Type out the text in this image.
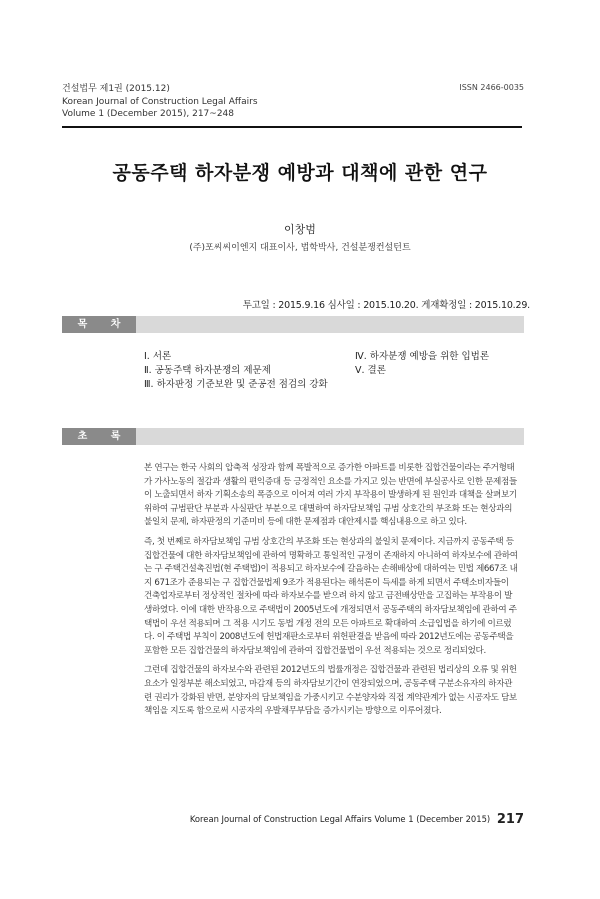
건설법무 제1권 (2015.12)
Korean Journal of Construction Legal Affairs
Volume 1 (December 2015), 217~248
ISSN 2466-0035
공동주택 하자분쟁 예방과 대책에 관한 연구
이창범
(주)포씨씨이엔지 대표이사, 법학박사, 건설분쟁컨설턴트
투고일 : 2015.9.16 심사일 : 2015.10.20. 게재확정일 : 2015.10.29.
목 차
Ⅰ. 서론
Ⅱ. 공동주택 하자분쟁의 제문제
Ⅲ. 하자판정 기준보완 및 준공전 점검의 강화
Ⅳ. 하자분쟁 예방을 위한 입법론
Ⅴ. 결론
초 록

본 연구는 한국 사회의 압축적 성장과 함께 폭발적으로 증가한 아파트를 비롯한 집합건물이라는 주거형태가 가사노동의 절감과 생활의 편익증대 등 긍정적인 요소를 가지고 있는 반면에 부실공사로 인한 문제점들이 노출되면서 하자 기획소송의 폭증으로 이어져 여러 가지 부작용이 발생하게 된 원인과 대책을 살펴보기 위하여 규범판단 부분과 사실판단 부분으로 대별하여 하자담보책임 규범 상호간의 부조화 또는 현상과의 불일치 문제, 하자판정의 기준미비 등에 대한 문제점과 대안제시를 핵심내용으로 하고 있다.

즉, 첫 번째로 하자담보책임 규범 상호간의 부조화 또는 현상과의 불일치 문제이다. 지금까지 공동주택 등 집합건물에 대한 하자담보책임에 관하여 명확하고 통일적인 규정이 존재하지 아니하여 하자보수에 관하여는 구 주택건설촉진법(현 주택법)이 적용되고 하자보수에 갈음하는 손해배상에 대하여는 민법 제667조 내지 671조가 준용되는 구 집합건물법제 9조가 적용된다는 해석론이 득세를 하게 되면서 주택소비자들이 건축업자로부터 정상적인 절차에 따라 하자보수를 받으려 하지 않고 금전배상만을 고집하는 부작용이 발생하였다. 이에 대한 반작용으로 주택법이 2005년도에 개정되면서 공동주택의 하자담보책임에 관하여 주택법이 우선 적용되며 그 적용 시기도 동법 개정 전의 모든 아파트로 확대하여 소급입법을 하기에 이르렀다. 이 주택법 부칙이 2008년도에 헌법재판소로부터 위헌판결을 받음에 따라 2012년도에는 공동주택을 포함한 모든 집합건물의 하자담보책임에 관하여 집합건물법이 우선 적용되는 것으로 정리되었다.

그런데 집합건물의 하자보수와 관련된 2012년도의 법률개정은 집합건물과 관련된 법리상의 오류 및 위헌요소가 일정부분 해소되었고, 마감재 등의 하자담보기간이 연장되었으며, 공동주택 구분소유자의 하자관련 권리가 강화된 반면, 분양자의 담보책임을 가중시키고 수분양자와 직접 계약관계가 없는 시공자도 담보책임을 지도록 함으로써 시공자의 우발채무부담을 증가시키는 방향으로 이루어졌다.

Korean Journal of Construction Legal Affairs Volume 1 (December 2015) 217
